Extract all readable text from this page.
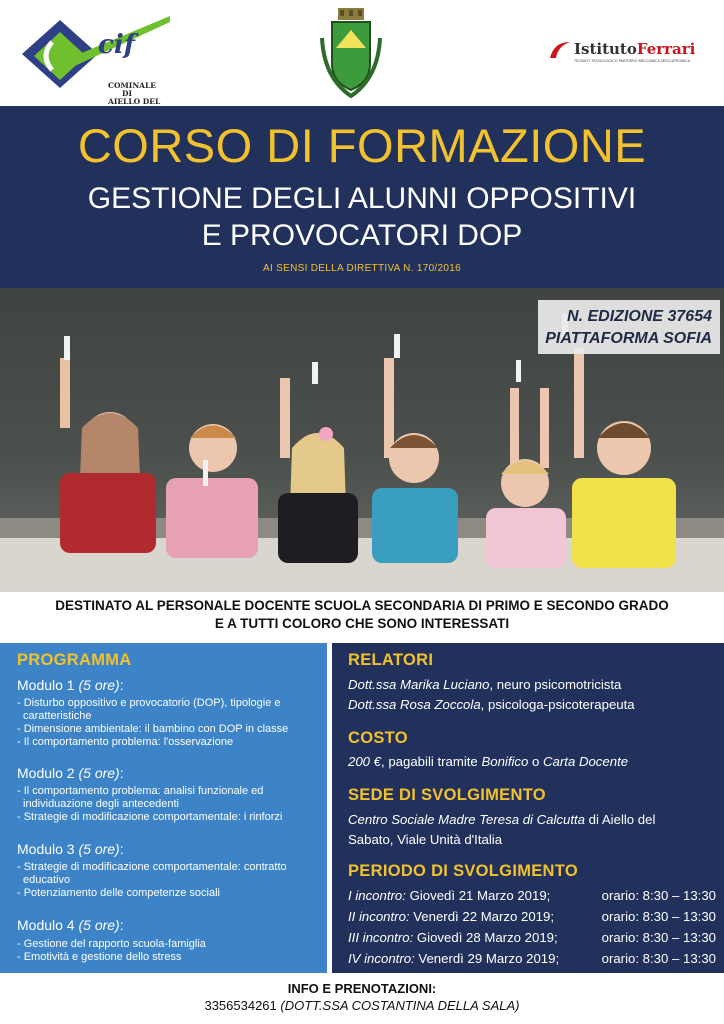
cif
COMINALE
DI
AIELLO DEL
IstitutoFerrari
TECNICO TECNOLOGICO PARITARIO MECCANICA MECCATRONICA
CORSO DI FORMAZIONE
GESTIONE DEGLI ALUNNI OPPOSITIVI
E PROVOCATORI DOP
AI SENSI DELLA DIRETTIVA N. 170/2016
N. EDIZIONE 37654
PIATTAFORMA SOFIA
DESTINATO AL PERSONALE DOCENTE SCUOLA SECONDARIA DI PRIMO E SECONDO GRADO
E A TUTTI COLORO CHE SONO INTERESSATI
PROGRAMMA
Modulo 1 (5 ore):
- Disturbo oppositivo e provocatorio (DOP), tipologie e
caratteristiche
- Dimensione ambientale: il bambino con DOP in classe
- Il comportamento problema: l'osservazione
Modulo 2 (5 ore):
- Il comportamento problema: analisi funzionale ed
individuazione degli antecedenti
- Strategie di modificazione comportamentale: i rinforzi
Modulo 3 (5 ore):
- Strategie di modificazione comportamentale: contratto
educativo
- Potenziamento delle competenze sociali
Modulo 4 (5 ore):
- Gestione del rapporto scuola-famiglia
- Emotività e gestione dello stress
RELATORI
Dott.ssa Marika Luciano, neuro psicomotricista
Dott.ssa Rosa Zoccola, psicologa-psicoterapeuta
COSTO
200 €, pagabili tramite Bonifico o Carta Docente
SEDE DI SVOLGIMENTO
Centro Sociale Madre Teresa di Calcutta di Aiello del
Sabato, Viale Unità d'Italia
PERIODO DI SVOLGIMENTO
I incontro: Giovedì 21 Marzo 2019;	orario: 8:30 – 13:30
II incontro: Venerdì 22 Marzo 2019;	orario: 8:30 – 13:30
III incontro: Giovedì 28 Marzo 2019;	orario: 8:30 – 13:30
IV incontro: Venerdì 29 Marzo 2019;	orario: 8:30 – 13:30
INFO E PRENOTAZIONI:
3356534261 (DOTT.SSA COSTANTINA DELLA SALA)
